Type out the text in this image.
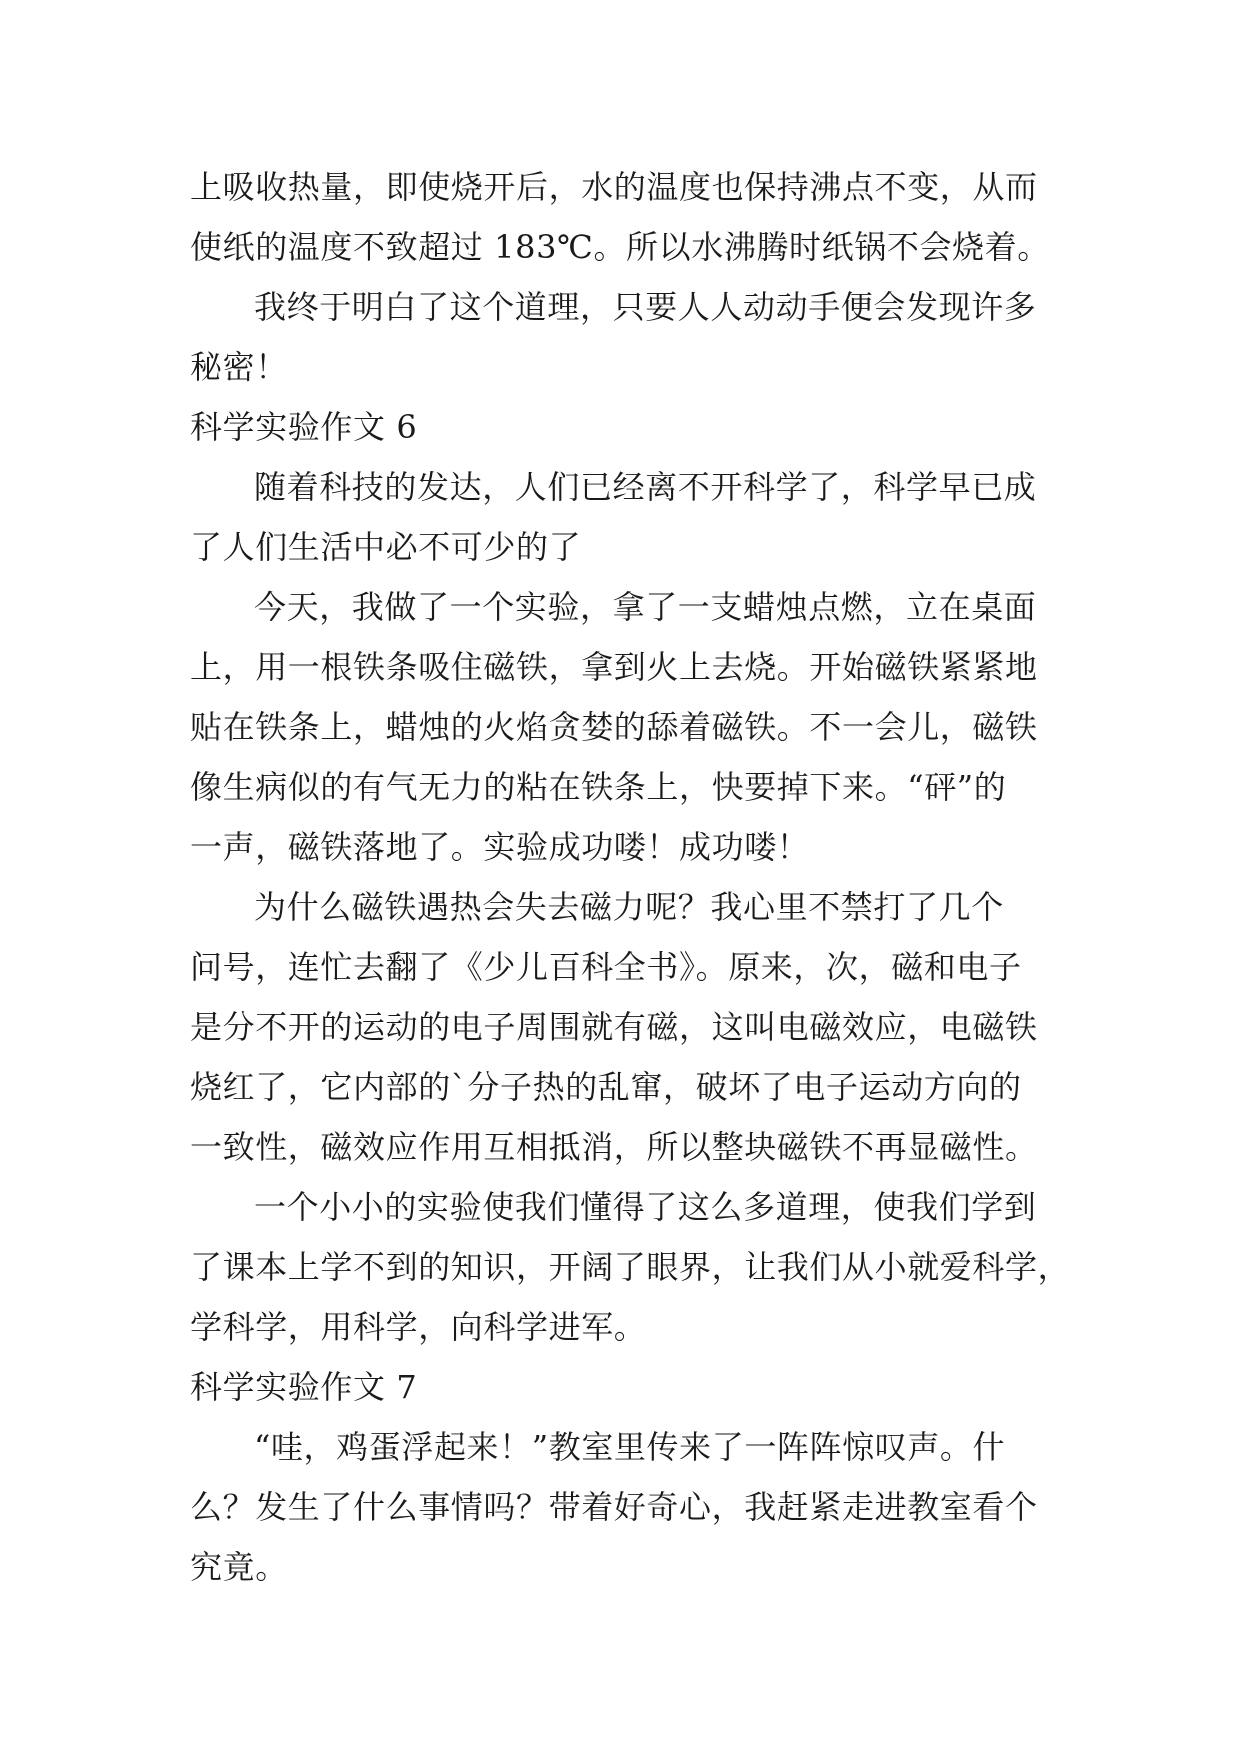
上吸收热量，即使烧开后，水的温度也保持沸点不变，从而
使纸的温度不致超过 183℃。所以水沸腾时纸锅不会烧着。
我终于明白了这个道理，只要人人动动手便会发现许多
秘密！
科学实验作文 6
随着科技的发达，人们已经离不开科学了，科学早已成
了人们生活中必不可少的了
今天，我做了一个实验，拿了一支蜡烛点燃，立在桌面
上，用一根铁条吸住磁铁，拿到火上去烧。开始磁铁紧紧地
贴在铁条上，蜡烛的火焰贪婪的舔着磁铁。不一会儿，磁铁
像生病似的有气无力的粘在铁条上，快要掉下来。“砰”的
一声，磁铁落地了。实验成功喽！成功喽！
为什么磁铁遇热会失去磁力呢？我心里不禁打了几个
问号，连忙去翻了《少儿百科全书》。原来，次，磁和电子
是分不开的运动的电子周围就有磁，这叫电磁效应，电磁铁
烧红了，它内部的`分子热的乱窜，破坏了电子运动方向的
一致性，磁效应作用互相抵消，所以整块磁铁不再显磁性。
一个小小的实验使我们懂得了这么多道理，使我们学到
了课本上学不到的知识，开阔了眼界，让我们从小就爱科学，
学科学，用科学，向科学进军。
科学实验作文 7
“哇，鸡蛋浮起来！”教室里传来了一阵阵惊叹声。什
么？发生了什么事情吗？带着好奇心，我赶紧走进教室看个
究竟。
